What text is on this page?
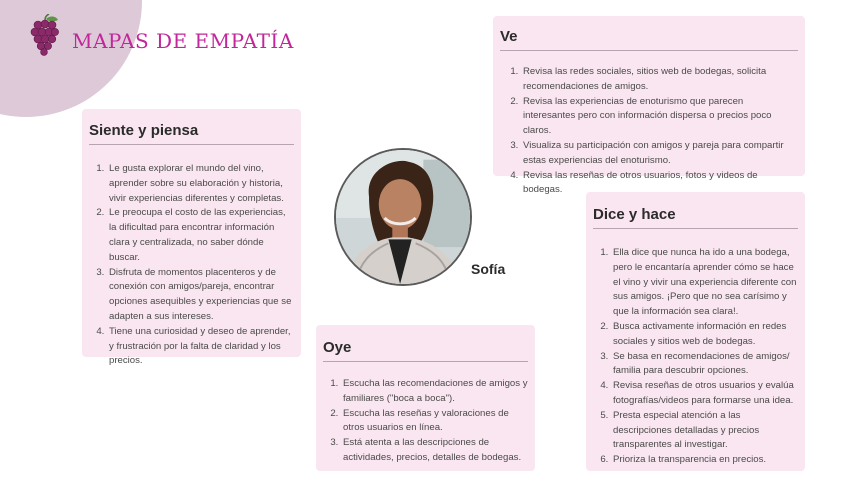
MAPAS DE EMPATÍA
Siente y piensa
1. Le gusta explorar el mundo del vino, aprender sobre su elaboración y historia, vivir experiencias diferentes y completas.
2. Le preocupa el costo de las experiencias, la dificultad para encontrar información clara y centralizada, no saber dónde buscar.
3. Disfruta de momentos placenteros y de conexión con amigos/pareja, encontrar opciones asequibles y experiencias que se adapten a sus intereses.
4. Tiene una curiosidad y deseo de aprender, y frustración por la falta de claridad y los precios.
Ve
1. Revisa las redes sociales, sitios web de bodegas, solicita recomendaciones de amigos.
2. Revisa las experiencias de enoturismo que parecen interesantes pero con información dispersa o precios poco claros.
3. Visualiza su participación con amigos y pareja para compartir estas experiencias del enoturismo.
4. Revisa las reseñas de otros usuarios, fotos y videos de bodegas.
Sofía
Dice y hace
1. Ella dice que nunca ha ido a una bodega, pero le encantaría aprender cómo se hace el vino y vivir una experiencia diferente con sus amigos. ¡Pero que no sea carísimo y que la información sea clara!.
2. Busca activamente información en redes sociales y sitios web de bodegas.
3. Se basa en recomendaciones de amigos/ familia para descubrir opciones.
4. Revisa reseñas de otros usuarios y evalúa fotografías/videos para formarse una idea.
5. Presta especial atención a las descripciones detalladas y precios transparentes al investigar.
6. Prioriza la transparencia en precios.
Oye
1. Escucha las recomendaciones de amigos y familiares ("boca a boca").
2. Escucha las reseñas y valoraciones de otros usuarios en línea.
3. Está atenta a las descripciones de actividades, precios, detalles de bodegas.
